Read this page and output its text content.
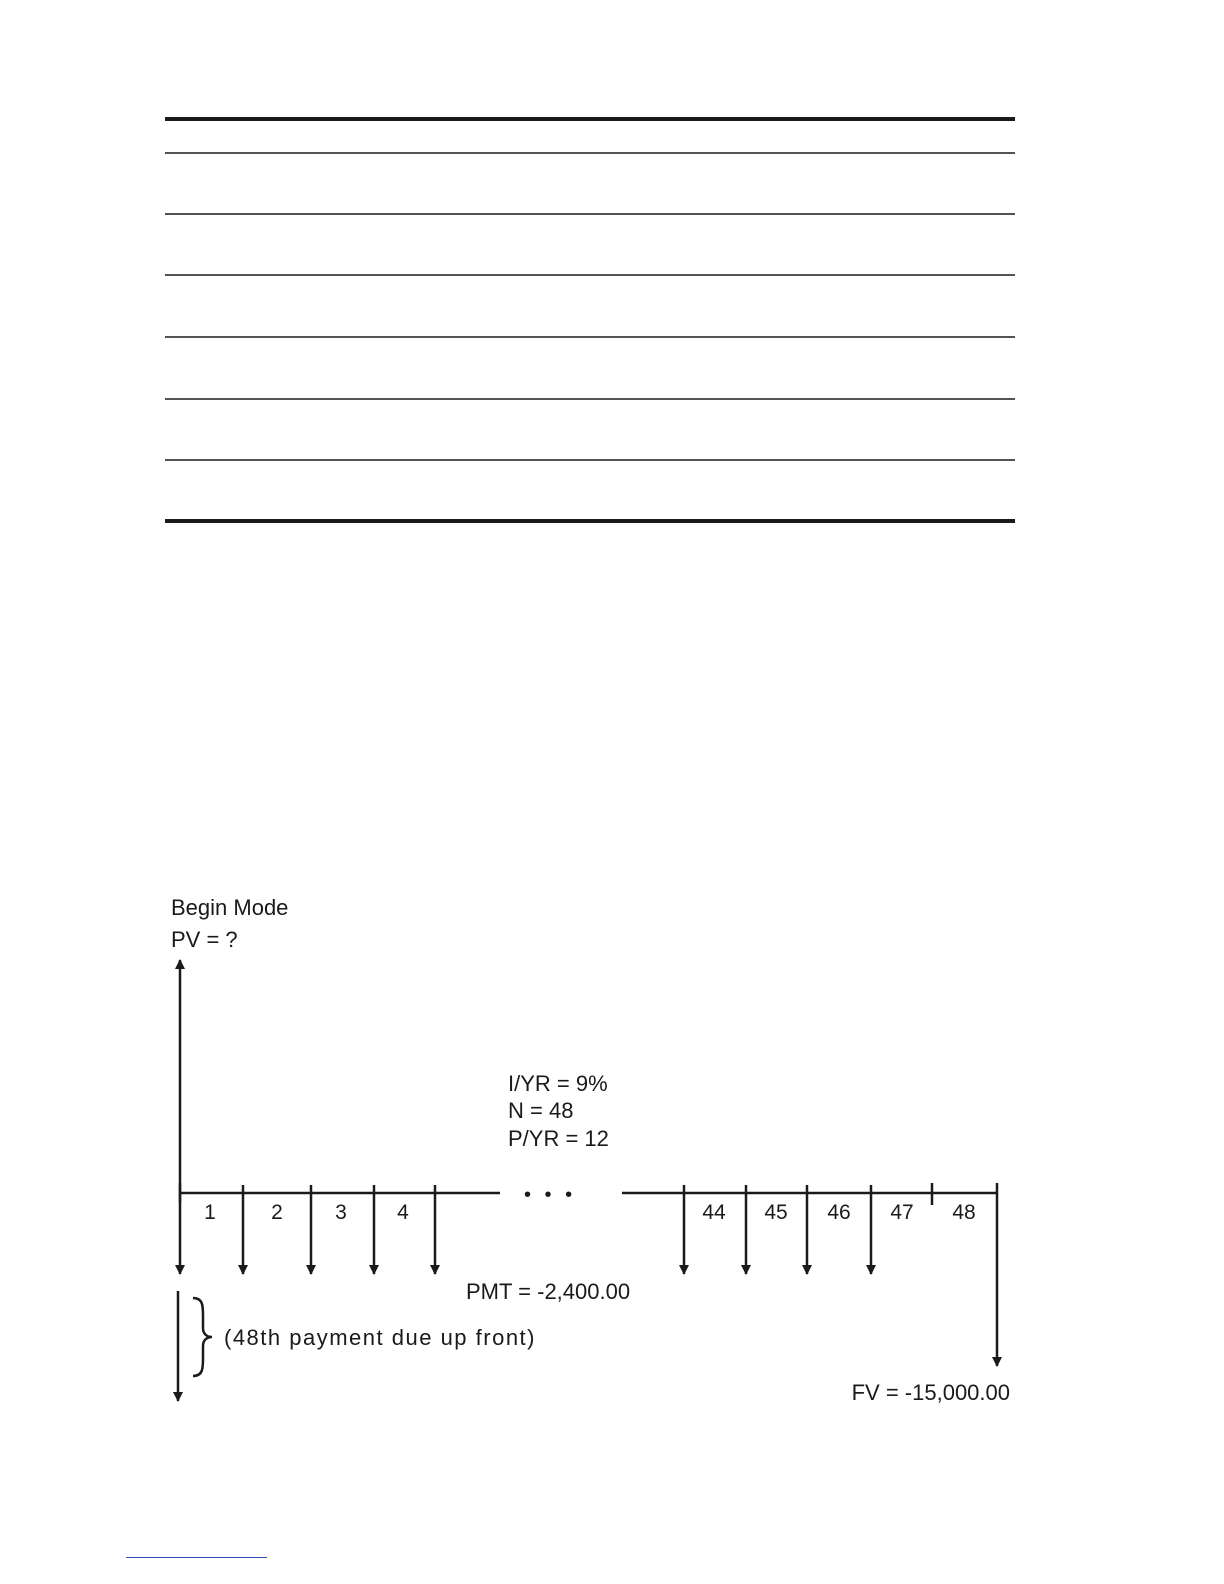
Begin Mode
PV = ?
I/YR = 9%
N = 48
P/YR = 12
• • •
(48th payment due up front)
1	2 3 4	44 45 46 47 48
PMT = -2,400.00
FV = -15,000.00
